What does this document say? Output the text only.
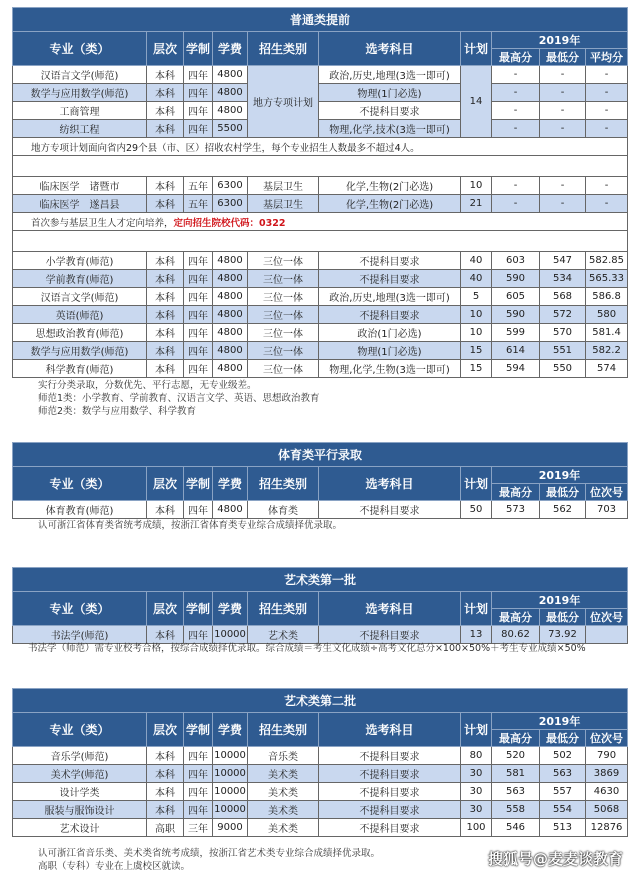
普通类提前									
专业（类）	层次	学制	学费	招生类别	选考科目	计划	2019年		
							最高分	最低分	平均分
汉语言文学(师范)	本科	四年	4800	地方专项计划	政治,历史,地理(3选一即可)	14	-	-	-
数学与应用数学(师范)	本科	四年	4800		物理(1门必选)		-	-	-
工商管理	本科	四年	4800		不提科目要求		-	-	-
纺织工程	本科	四年	5500		物理,化学,技术(3选一即可)		-	-	-
地方专项计划面向省内29个县（市、区）招收农村学生，每个专业招生人数最多不超过4人。									

临床医学　诸暨市	本科	五年	6300	基层卫生	化学,生物(2门必选)	10	-	-	-
临床医学　遂昌县	本科	五年	6300	基层卫生	化学,生物(2门必选)	21	-	-	-
首次参与基层卫生人才定向培养，定向招生院校代码：0322									

小学教育(师范)	本科	四年	4800	三位一体	不提科目要求	40	603	547	582.85
学前教育(师范)	本科	四年	4800	三位一体	不提科目要求	40	590	534	565.33
汉语言文学(师范)	本科	四年	4800	三位一体	政治,历史,地理(3选一即可)	5	605	568	586.8
英语(师范)	本科	四年	4800	三位一体	不提科目要求	10	590	572	580
思想政治教育(师范)	本科	四年	4800	三位一体	政治(1门必选)	10	599	570	581.4
数学与应用数学(师范)	本科	四年	4800	三位一体	物理(1门必选)	15	614	551	582.2
科学教育(师范)	本科	四年	4800	三位一体	物理,化学,生物(3选一即可)	15	594	550	574
实行分类录取，分数优先、平行志愿，无专业级差。
师范1类：小学教育、学前教育、汉语言文学、英语、思想政治教育
师范2类：数学与应用数学、科学教育
体育类平行录取									
专业（类）	层次	学制	学费	招生类别	选考科目	计划	2019年		
							最高分	最低分	位次号
体育教育(师范)	本科	四年	4800	体育类	不提科目要求	50	573	562	703
认可浙江省体育类省统考成绩，按浙江省体育类专业综合成绩择优录取。
艺术类第一批									
专业（类）	层次	学制	学费	招生类别	选考科目	计划	2019年		
							最高分	最低分	位次号
书法学(师范)	本科	四年	10000	艺术类	不提科目要求	13	80.62	73.92	
书法学（师范）需专业校考合格，按综合成绩择优录取。综合成绩＝考生文化成绩÷高考文化总分×100×50%＋考生专业成绩×50%
艺术类第二批									
专业（类）	层次	学制	学费	招生类别	选考科目	计划	2019年		
							最高分	最低分	位次号
音乐学(师范)	本科	四年	10000	音乐类	不提科目要求	80	520	502	790
美术学(师范)	本科	四年	10000	美术类	不提科目要求	30	581	563	3869
设计学类	本科	四年	10000	美术类	不提科目要求	30	563	557	4630
服装与服饰设计	本科	四年	10000	美术类	不提科目要求	30	558	554	5068
艺术设计	高职	三年	9000	美术类	不提科目要求	100	546	513	12876
认可浙江省音乐类、美术类省统考成绩，按浙江省艺术类专业综合成绩择优录取。
高职（专科）专业在上虞校区就读。	搜狐号@麦麦谈教育
